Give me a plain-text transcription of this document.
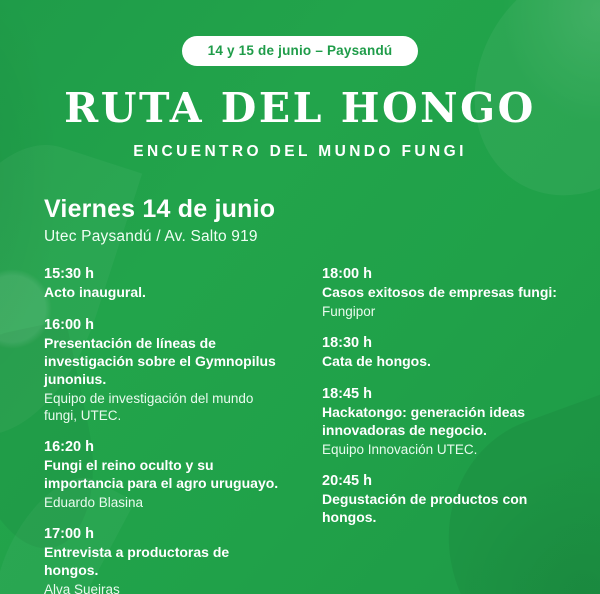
14 y 15 de junio – Paysandú
RUTA DEL HONGO
ENCUENTRO DEL MUNDO FUNGI
Viernes 14 de junio
Utec Paysandú / Av. Salto 919
15:30 h
Acto inaugural.
16:00 h
Presentación de líneas de investigación sobre el Gymnopilus junonius.
Equipo de investigación del mundo fungi, UTEC.
16:20 h
Fungi el reino oculto y su importancia para el agro uruguayo.
Eduardo Blasina
17:00 h
Entrevista a productoras de hongos.
Alva Sueiras
18:00 h
Casos exitosos de empresas fungi:
Fungipor
18:30 h
Cata de hongos.
18:45 h
Hackatongo: generación ideas innovadoras de negocio.
Equipo Innovación UTEC.
20:45 h
Degustación de productos con hongos.
